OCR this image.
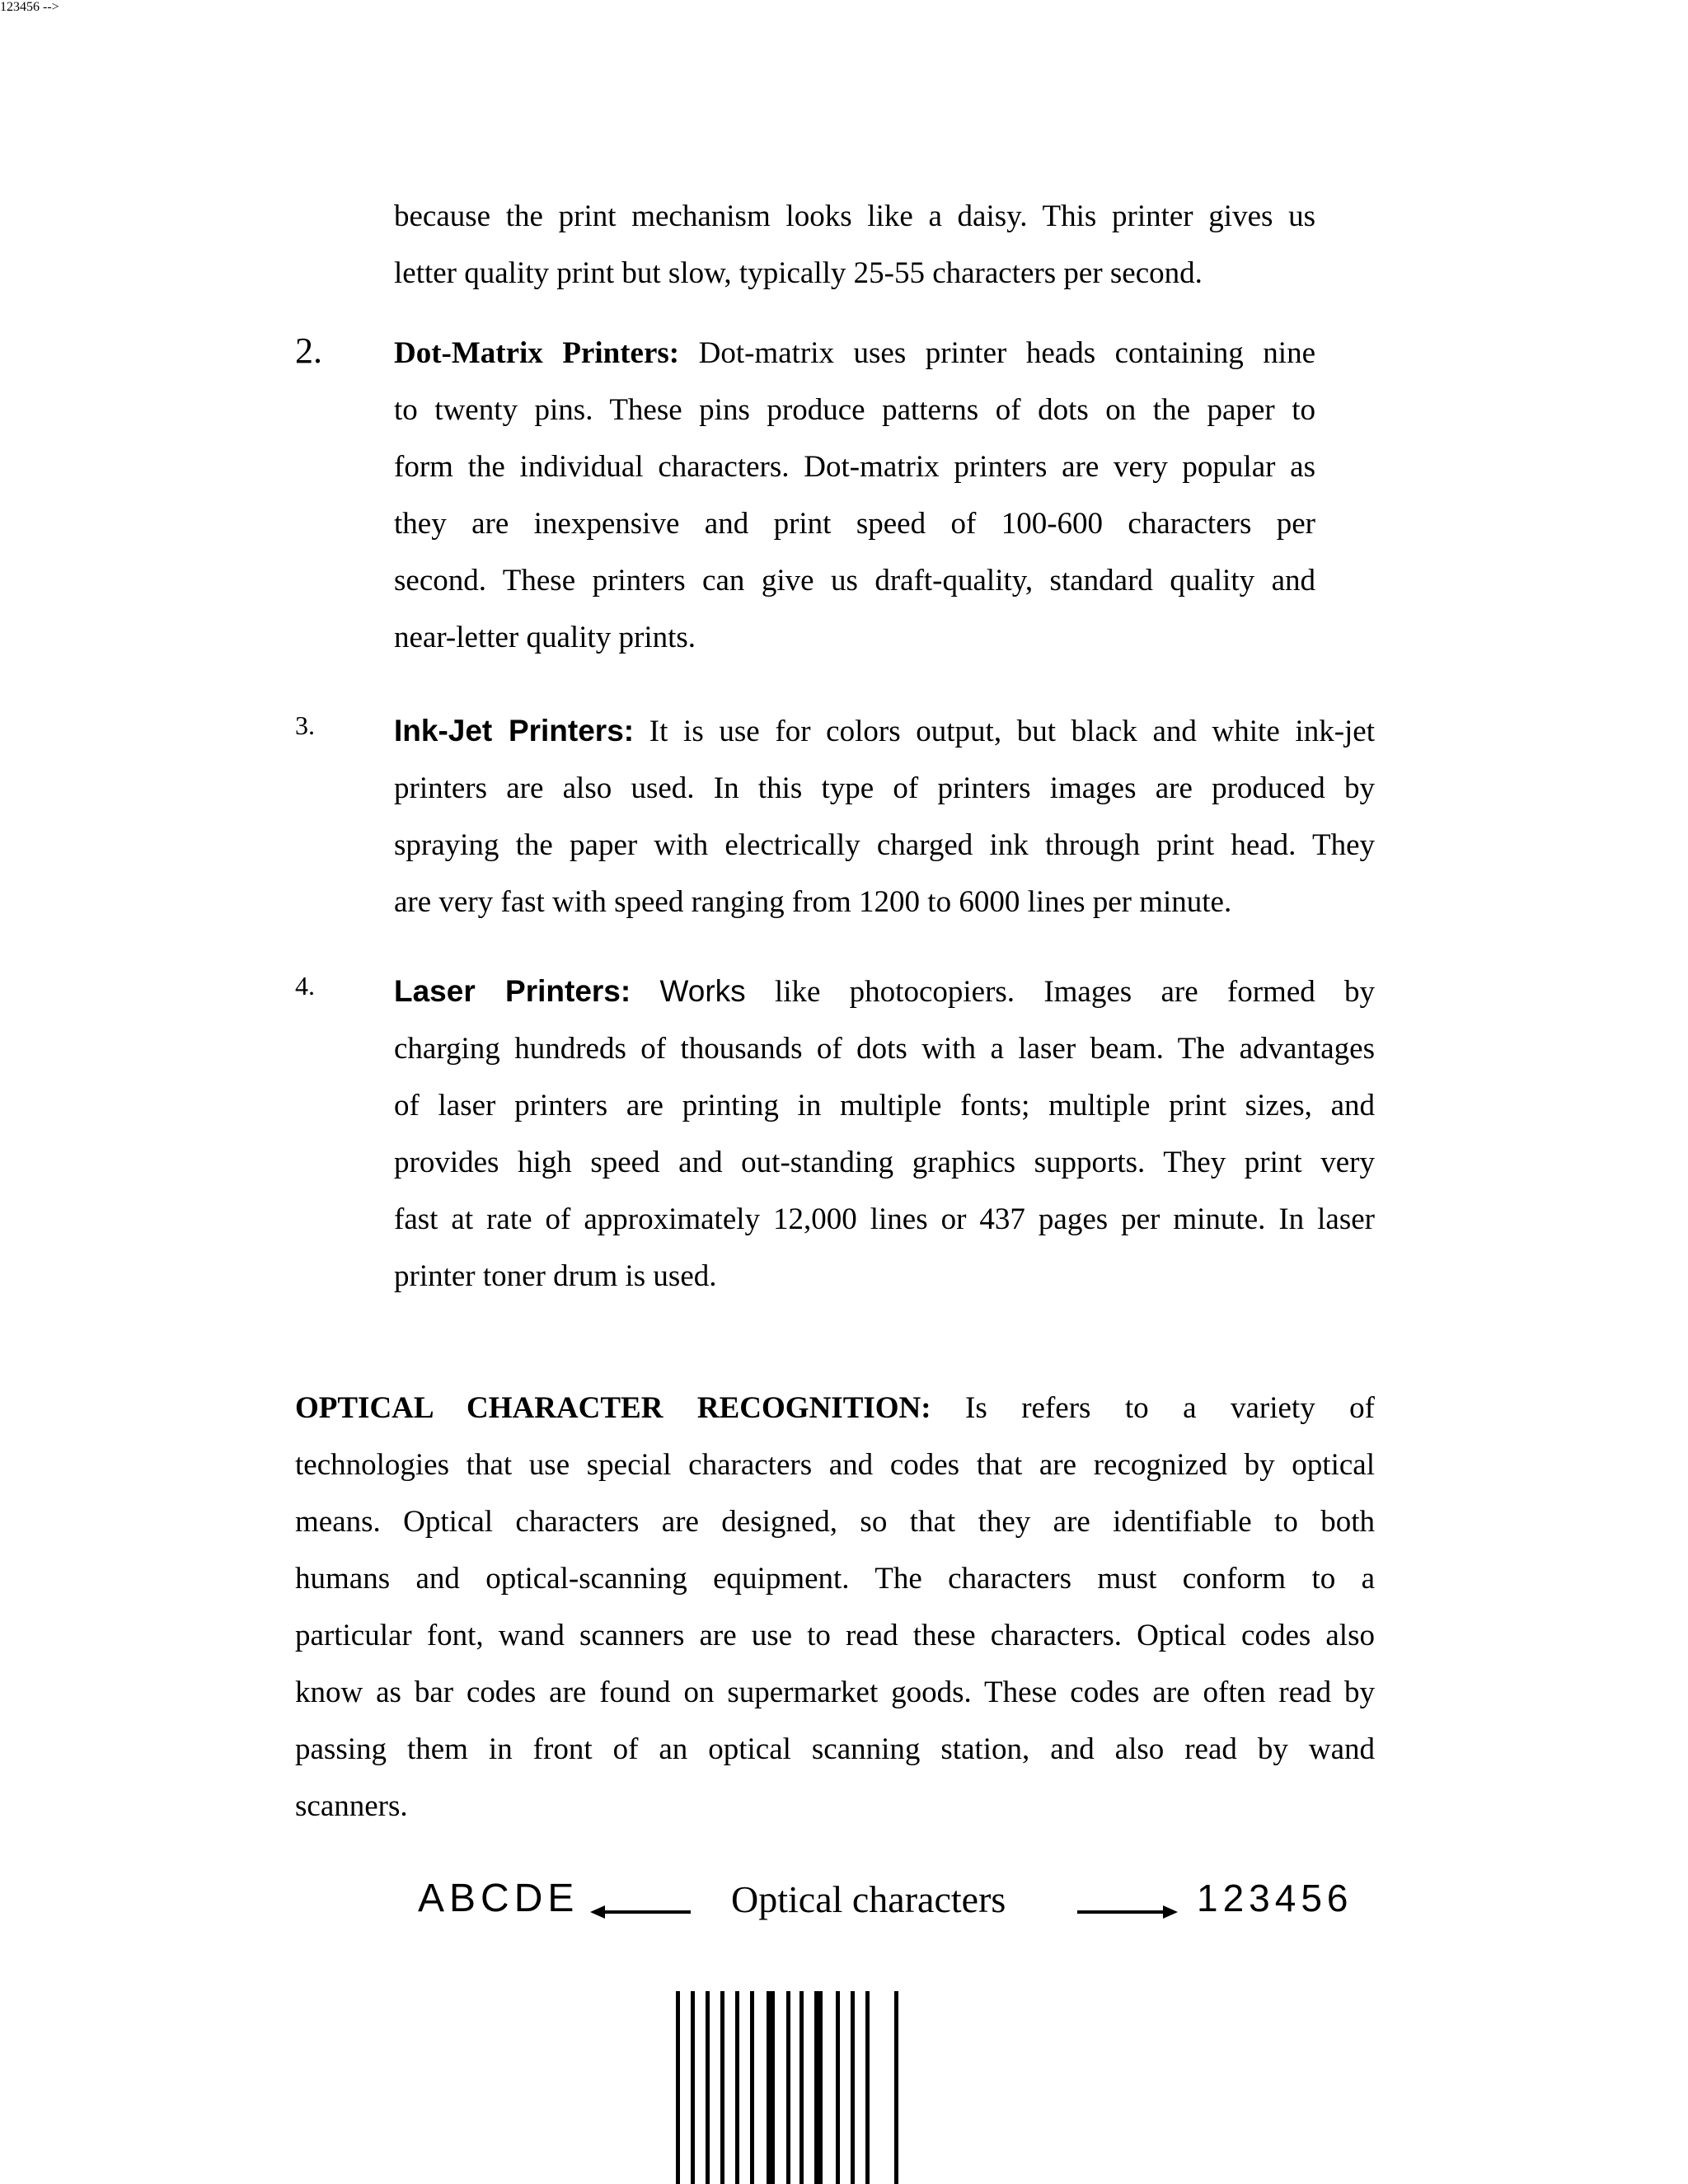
because the print mechanism looks like a daisy. This printer gives us
letter quality print but slow, typically 25-55 characters per second.
2. Dot-Matrix Printers: Dot-matrix uses printer heads containing nine
to twenty pins. These pins produce patterns of dots on the paper to
form the individual characters. Dot-matrix printers are very popular as
they are inexpensive and print speed of 100-600 characters per
second. These printers can give us draft-quality, standard quality and
near-letter quality prints.
3.	Ink-Jet Printers: It is use for colors output, but black and white ink-jet
printers are also used. In this type of printers images are produced by
spraying the paper with electrically charged ink through print head. They
are very fast with speed ranging from 1200 to 6000 lines per minute.
4.	Laser Printers: Works like photocopiers. Images are formed by
charging hundreds of thousands of dots with a laser beam. The advantages
of laser printers are printing in multiple fonts; multiple print sizes, and
provides high speed and out-standing graphics supports. They print very
fast at rate of approximately 12,000 lines or 437 pages per minute. In laser
printer toner drum is used.
OPTICAL CHARACTER RECOGNITION: Is refers to a variety of
technologies that use special characters and codes that are recognized by optical
means. Optical characters are designed, so that they are identifiable to both
humans and optical-scanning equipment. The characters must conform to a
particular font, wand scanners are use to read these characters. Optical codes also
know as bar codes are found on supermarket goods. These codes are often read by
passing them in front of an optical scanning station, and also read by wand
scanners.
123456 -->
ABCDE	Optical characters	123456
